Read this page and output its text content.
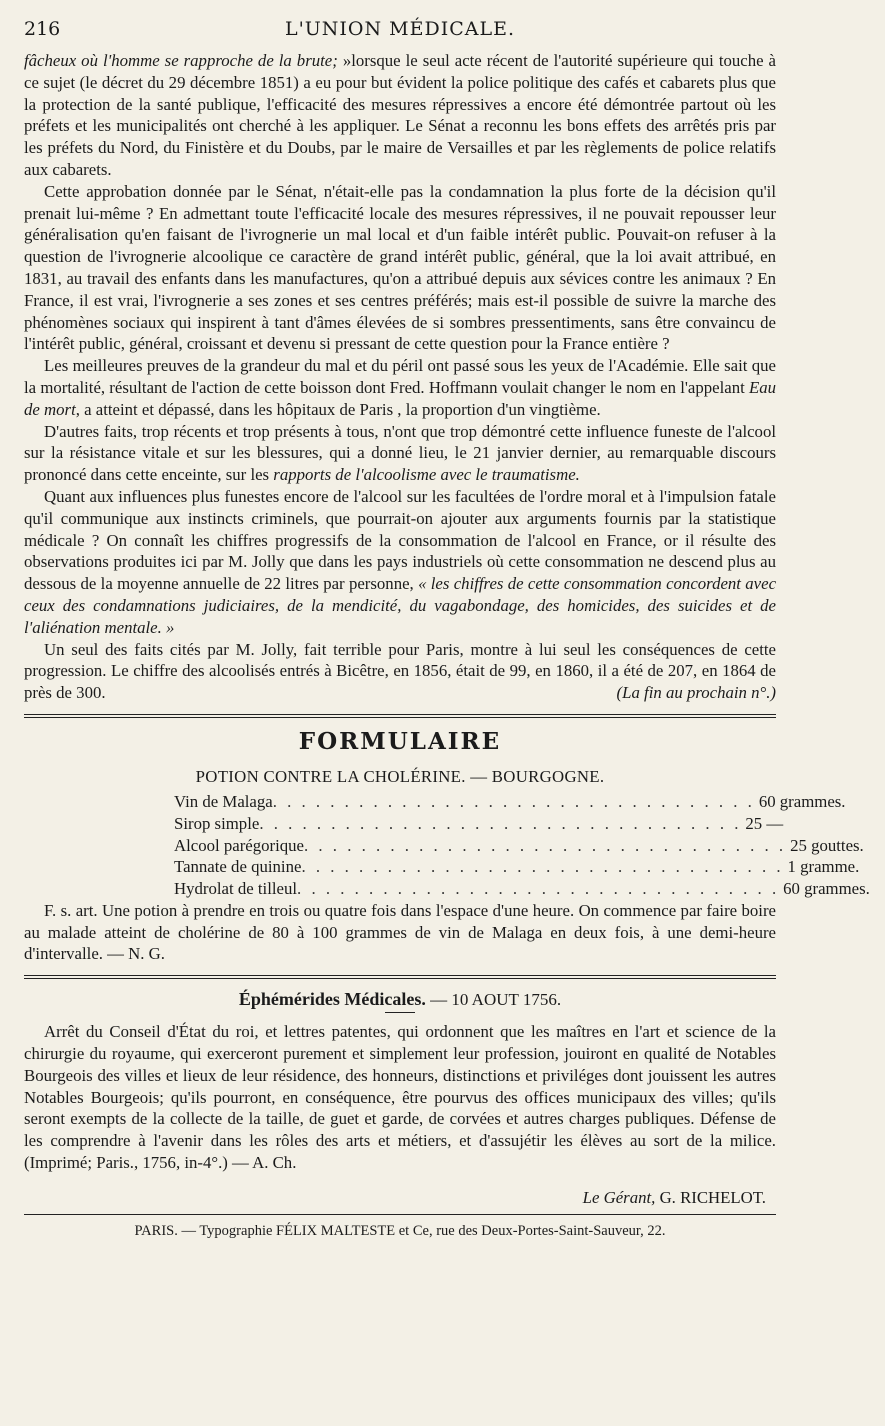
216	L'UNION MÉDICALE.

fâcheux où l'homme se rapproche de la brute; »lorsque le seul acte récent de l'autorité supérieure qui touche à ce sujet (le décret du 29 décembre 1851) a eu pour but évident la police politique des cafés et cabarets plus que la protection de la santé publique, l'efficacité des mesures répressives a encore été démontrée partout où les préfets et les municipalités ont cherché à les appliquer. Le Sénat a reconnu les bons effets des arrêtés pris par les préfets du Nord, du Finistère et du Doubs, par le maire de Versailles et par les règlements de police relatifs aux cabarets.

Cette approbation donnée par le Sénat, n'était-elle pas la condamnation la plus forte de la décision qu'il prenait lui-même ? En admettant toute l'efficacité locale des mesures répressives, il ne pouvait repousser leur généralisation qu'en faisant de l'ivrognerie un mal local et d'un faible intérêt public. Pouvait-on refuser à la question de l'ivrognerie alcoolique ce caractère de grand intérêt public, général, que la loi avait attribué, en 1831, au travail des enfants dans les manufactures, qu'on a attribué depuis aux sévices contre les animaux ? En France, il est vrai, l'ivrognerie a ses zones et ses centres préférés; mais est-il possible de suivre la marche des phénomènes sociaux qui inspirent à tant d'âmes élevées de si sombres pressentiments, sans être convaincu de l'intérêt public, général, croissant et devenu si pressant de cette question pour la France entière ?

Les meilleures preuves de la grandeur du mal et du péril ont passé sous les yeux de l'Académie. Elle sait que la mortalité, résultant de l'action de cette boisson dont Fred. Hoffmann voulait changer le nom en l'appelant Eau de mort, a atteint et dépassé, dans les hôpitaux de Paris , la proportion d'un vingtième.

D'autres faits, trop récents et trop présents à tous, n'ont que trop démontré cette influence funeste de l'alcool sur la résistance vitale et sur les blessures, qui a donné lieu, le 21 janvier dernier, au remarquable discours prononcé dans cette enceinte, sur les rapports de l'alcoolisme avec le traumatisme.

Quant aux influences plus funestes encore de l'alcool sur les facultées de l'ordre moral et à l'impulsion fatale qu'il communique aux instincts criminels, que pourrait-on ajouter aux arguments fournis par la statistique médicale ? On connaît les chiffres progressifs de la consommation de l'alcool en France, or il résulte des observations produites ici par M. Jolly que dans les pays industriels où cette consommation ne descend plus au dessous de la moyenne annuelle de 22 litres par personne, « les chiffres de cette consommation concordent avec ceux des condamnations judiciaires, de la mendicité, du vagabondage, des homicides, des suicides et de l'aliénation mentale. »

Un seul des faits cités par M. Jolly, fait terrible pour Paris, montre à lui seul les conséquences de cette progression. Le chiffre des alcoolisés entrés à Bicêtre, en 1856, était de 99, en 1860, il a été de 207, en 1864 de près de 300.	(La fin au prochain n°.)

FORMULAIRE
POTION CONTRE LA CHOLÉRINE. — BOURGOGNE.
Vin de Malaga . . . . . . . . . . . . . . . . . . . . . . . . . . . . . . . . . . 60 grammes.
Sirop simple . . . . . . . . . . . . . . . . . . . . . . . . . . . . . . . . . . 25 —
Alcool parégorique . . . . . . . . . . . . . . . . . . . . . . . . . . . . . . . . . . 25 gouttes.
Tannate de quinine . . . . . . . . . . . . . . . . . . . . . . . . . . . . . . . . . . 1 gramme.
Hydrolat de tilleul . . . . . . . . . . . . . . . . . . . . . . . . . . . . . . . . . . 60 grammes.

F. s. art. Une potion à prendre en trois ou quatre fois dans l'espace d'une heure. On commence par faire boire au malade atteint de cholérine de 80 à 100 grammes de vin de Malaga en deux fois, à une demi-heure d'intervalle. — N. G.

Éphémérides Médicales. — 10 AOUT 1756.

Arrêt du Conseil d'État du roi, et lettres patentes, qui ordonnent que les maîtres en l'art et science de la chirurgie du royaume, qui exerceront purement et simplement leur profession, jouiront en qualité de Notables Bourgeois des villes et lieux de leur résidence, des honneurs, distinctions et priviléges dont jouissent les autres Notables Bourgeois; qu'ils pourront, en conséquence, être pourvus des offices municipaux des villes; qu'ils seront exempts de la collecte de la taille, de guet et garde, de corvées et autres charges publiques. Défense de les comprendre à l'avenir dans les rôles des arts et métiers, et d'assujétir les élèves au sort de la milice. (Imprimé; Paris., 1756, in-4°.) — A. Ch.

Le Gérant, G. RICHELOT.
PARIS. — Typographie FÉLIX MALTESTE et Ce, rue des Deux-Portes-Saint-Sauveur, 22.
